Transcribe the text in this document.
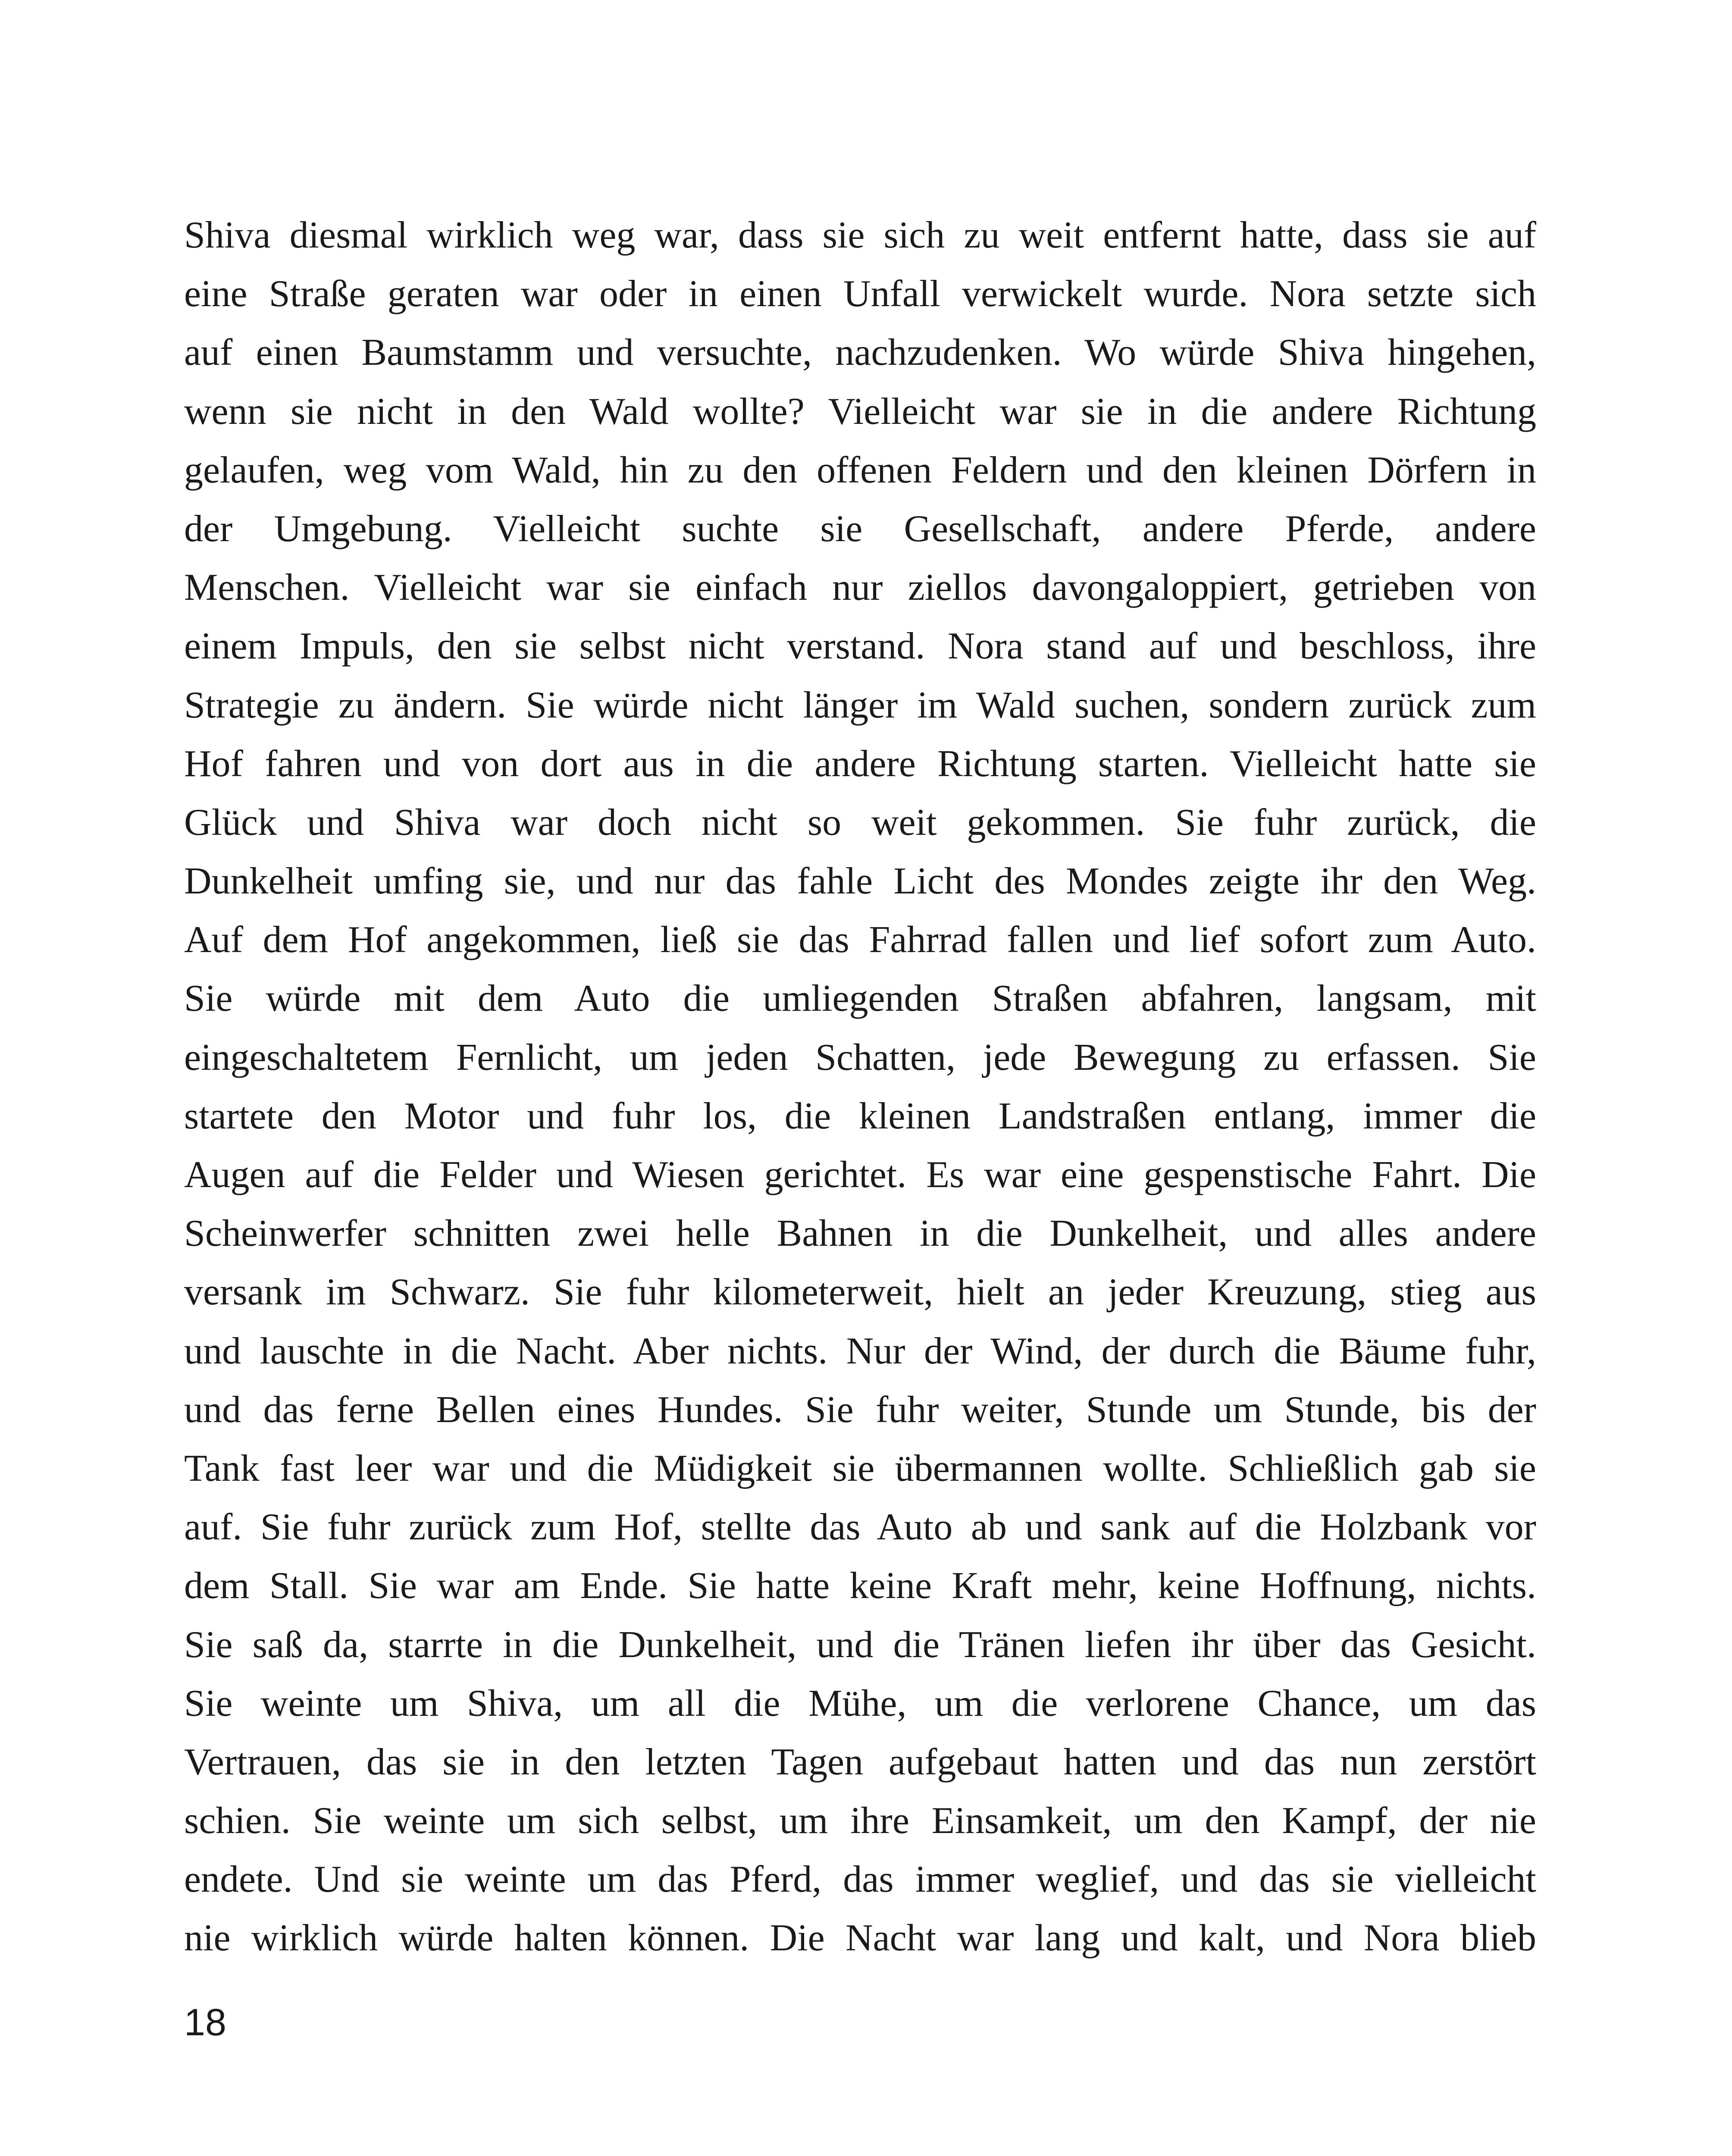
Shiva diesmal wirklich weg war, dass sie sich zu weit entfernt hatte, dass sie auf
eine Straße geraten war oder in einen Unfall verwickelt wurde. Nora setzte sich
auf einen Baumstamm und versuchte, nachzudenken. Wo würde Shiva hingehen,
wenn sie nicht in den Wald wollte? Vielleicht war sie in die andere Richtung
gelaufen, weg vom Wald, hin zu den offenen Feldern und den kleinen Dörfern in
der Umgebung. Vielleicht suchte sie Gesellschaft, andere Pferde, andere
Menschen. Vielleicht war sie einfach nur ziellos davongaloppiert, getrieben von
einem Impuls, den sie selbst nicht verstand. Nora stand auf und beschloss, ihre
Strategie zu ändern. Sie würde nicht länger im Wald suchen, sondern zurück zum
Hof fahren und von dort aus in die andere Richtung starten. Vielleicht hatte sie
Glück und Shiva war doch nicht so weit gekommen. Sie fuhr zurück, die
Dunkelheit umfing sie, und nur das fahle Licht des Mondes zeigte ihr den Weg.
Auf dem Hof angekommen, ließ sie das Fahrrad fallen und lief sofort zum Auto.
Sie würde mit dem Auto die umliegenden Straßen abfahren, langsam, mit
eingeschaltetem Fernlicht, um jeden Schatten, jede Bewegung zu erfassen. Sie
startete den Motor und fuhr los, die kleinen Landstraßen entlang, immer die
Augen auf die Felder und Wiesen gerichtet. Es war eine gespenstische Fahrt. Die
Scheinwerfer schnitten zwei helle Bahnen in die Dunkelheit, und alles andere
versank im Schwarz. Sie fuhr kilometerweit, hielt an jeder Kreuzung, stieg aus
und lauschte in die Nacht. Aber nichts. Nur der Wind, der durch die Bäume fuhr,
und das ferne Bellen eines Hundes. Sie fuhr weiter, Stunde um Stunde, bis der
Tank fast leer war und die Müdigkeit sie übermannen wollte. Schließlich gab sie
auf. Sie fuhr zurück zum Hof, stellte das Auto ab und sank auf die Holzbank vor
dem Stall. Sie war am Ende. Sie hatte keine Kraft mehr, keine Hoffnung, nichts.
Sie saß da, starrte in die Dunkelheit, und die Tränen liefen ihr über das Gesicht.
Sie weinte um Shiva, um all die Mühe, um die verlorene Chance, um das
Vertrauen, das sie in den letzten Tagen aufgebaut hatten und das nun zerstört
schien. Sie weinte um sich selbst, um ihre Einsamkeit, um den Kampf, der nie
endete. Und sie weinte um das Pferd, das immer weglief, und das sie vielleicht
nie wirklich würde halten können. Die Nacht war lang und kalt, und Nora blieb
18
